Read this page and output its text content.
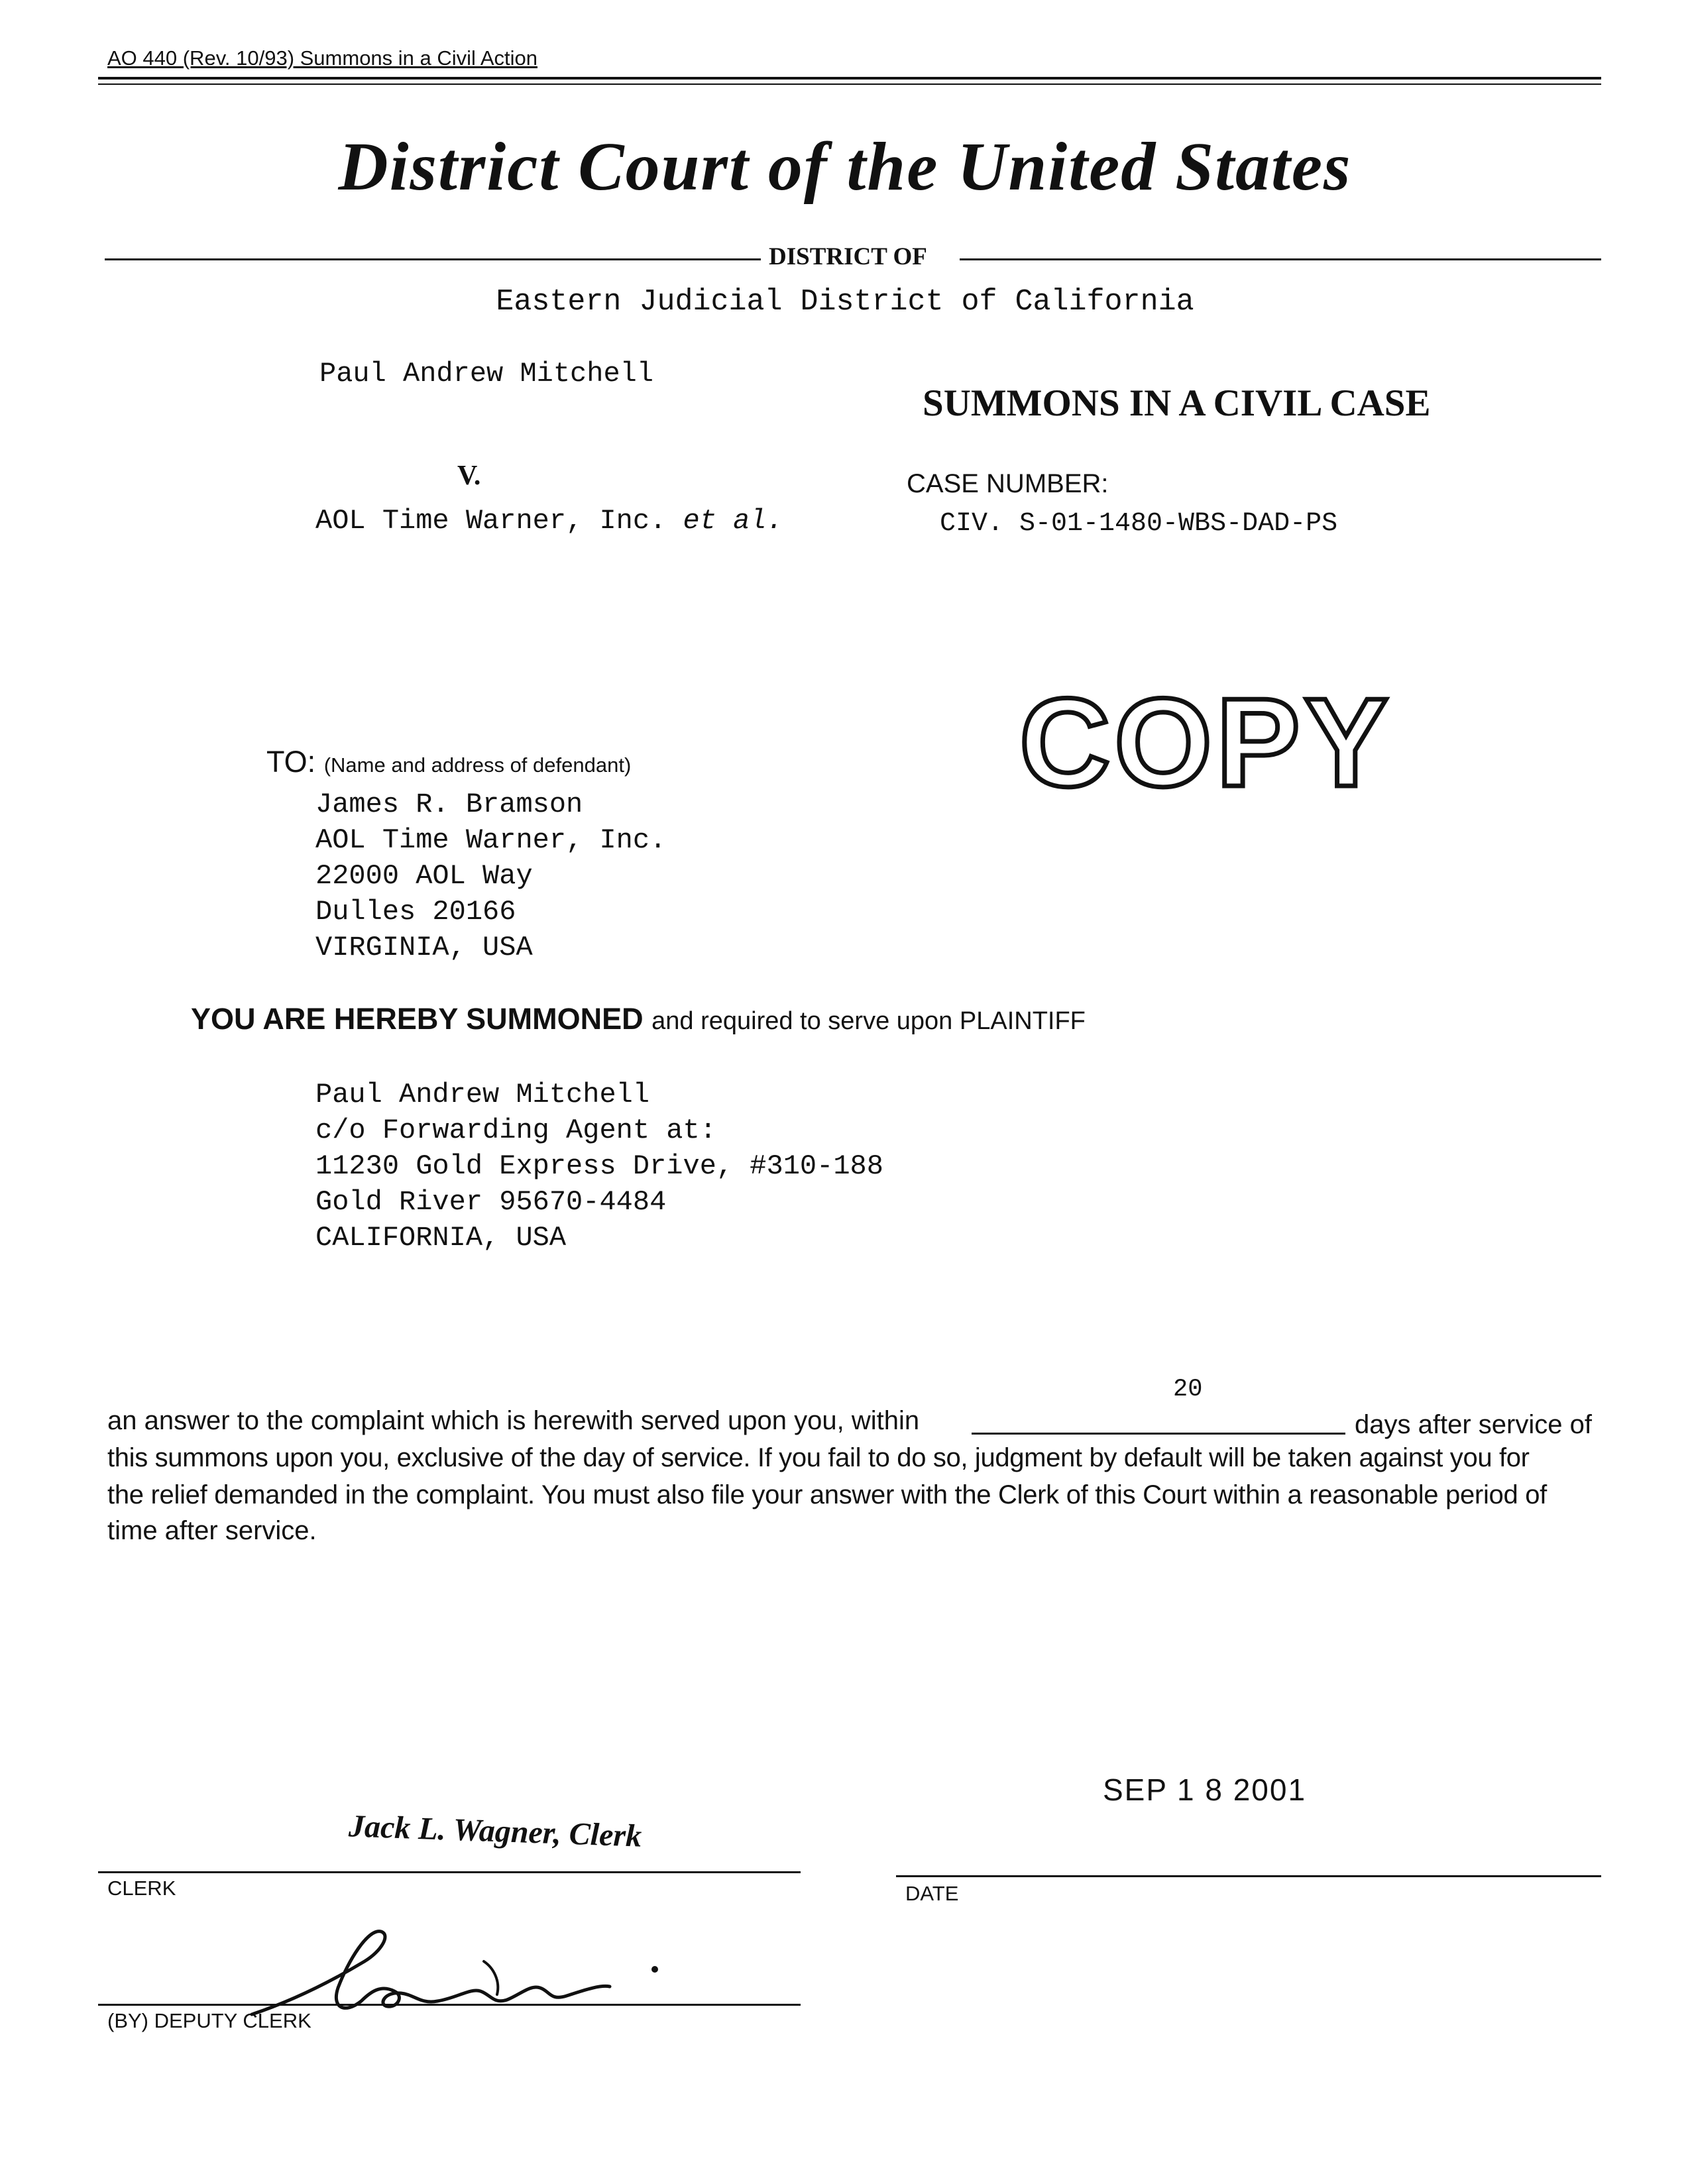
AO 440 (Rev. 10/93) Summons in a Civil Action
District Court of the United States
DISTRICT OF
Eastern Judicial District of California
Paul Andrew Mitchell
SUMMONS IN A CIVIL CASE
V.	CASE NUMBER:
AOL Time Warner, Inc. et al.	CIV. S-01-1480-WBS-DAD-PS
COPY
TO: (Name and address of defendant)
James R. Bramson
AOL Time Warner, Inc.
22000 AOL Way
Dulles 20166
VIRGINIA, USA
YOU ARE HEREBY SUMMONED and required to serve upon PLAINTIFF
Paul Andrew Mitchell
c/o Forwarding Agent at:
11230 Gold Express Drive, #310-188
Gold River 95670-4484
CALIFORNIA, USA
20
an answer to the complaint which is herewith served upon you, within	days after service of
this summons upon you, exclusive of the day of service. If you fail to do so, judgment by default will be taken against you for
the relief demanded in the complaint. You must also file your answer with the Clerk of this Court within a reasonable period of
time after service.
SEP 1 8 2001
Jack L. Wagner, Clerk
CLERK	DATE
(BY) DEPUTY CLERK
